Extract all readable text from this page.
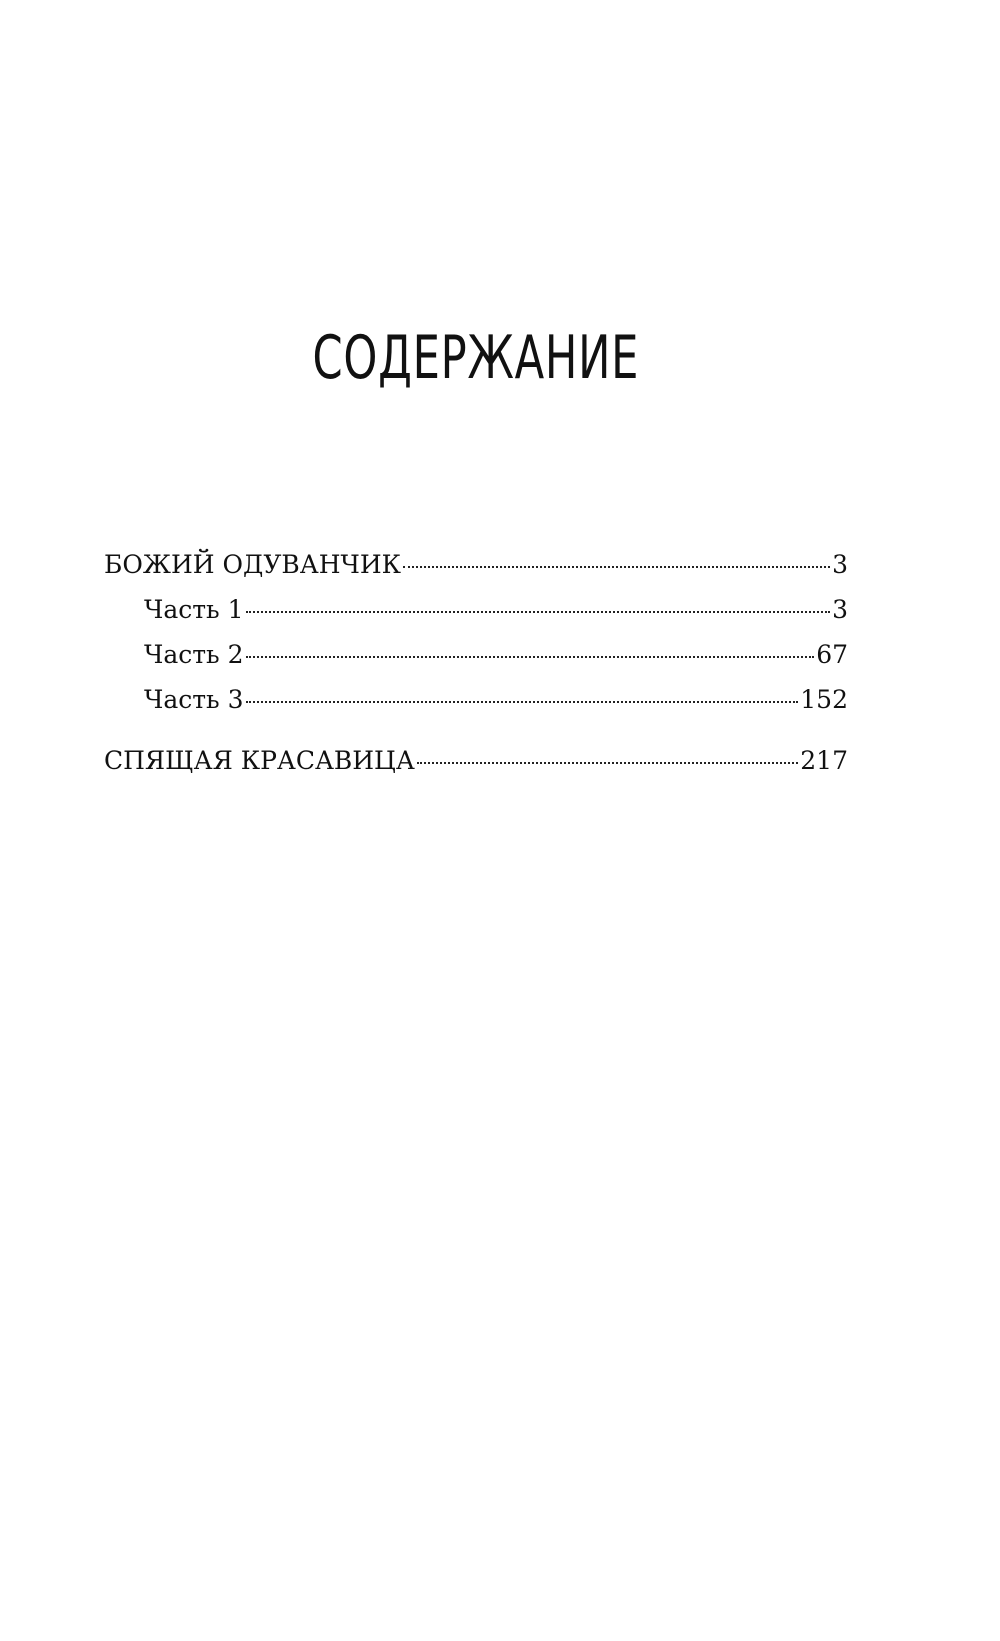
СОДЕРЖАНИЕ
БОЖИЙ ОДУВАНЧИК	3
Часть 1	3
Часть 2	67
Часть 3	152
СПЯЩАЯ КРАСАВИЦА	217
